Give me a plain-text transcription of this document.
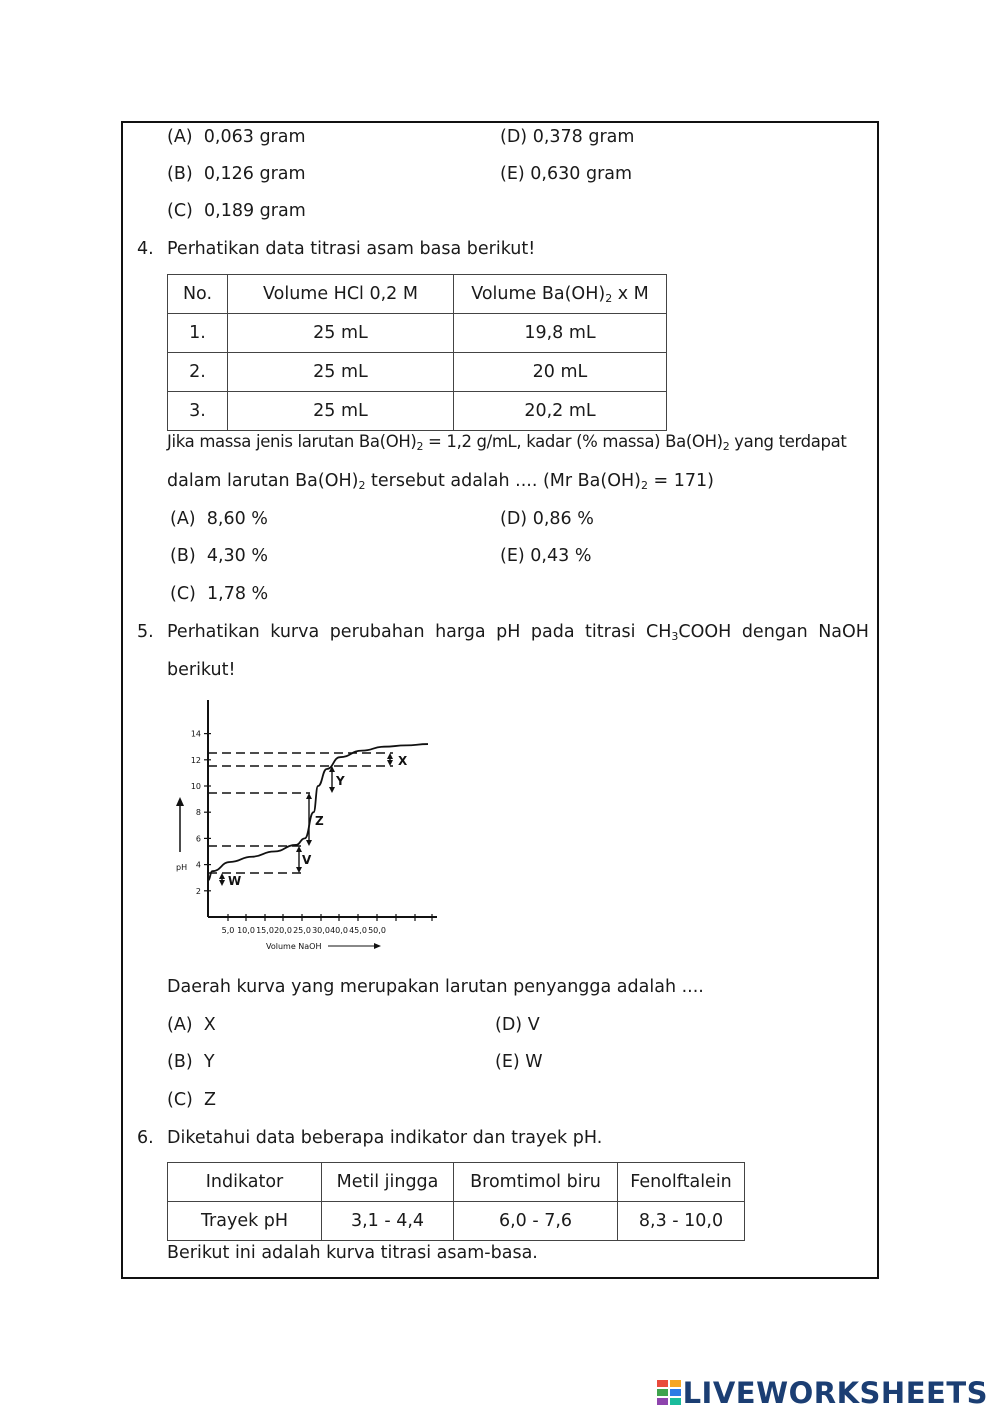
(A) 0,063 gram	(D) 0,378 gram
(B) 0,126 gram	(E) 0,630 gram
(C) 0,189 gram
4. Perhatikan data titrasi asam basa berikut!
No.	Volume HCl 0,2 M	Volume $Ba(OH)_2$ x M
1.	25 mL	19,8 mL
2.	25 mL	20 mL
3.	25 mL	20,2 mL
Jika massa jenis larutan $Ba(OH)_2 = 1,2$ g/mL, kadar (% massa) $Ba(OH)_2$ yang terdapat
dalam larutan $Ba(OH)_2$ tersebut adalah .... (Mr $Ba(OH)_2 = 171$)
(A) 8,60 %	(D) 0,86 %
(B) 4,30 %	(E) 0,43 %
(C) 1,78 %
5. Perhatikan kurva perubahan harga pH pada titrasi $CH_3COOH$ dengan NaOH
berikut!
2
4
6
8
10
12
14
5,0 10,0 15,0 20,0 25,0 30,0 40,0 45,0 50,0
Volume NaOH
pH
X
Y
Z
V
W
Daerah kurva yang merupakan larutan penyangga adalah ....
(A) X	(D) V
(B) Y	(E) W
(C) Z
6. Diketahui data beberapa indikator dan trayek pH.
Indikator	Metil jingga	Bromtimol biru	Fenolftalein
Trayek pH	3,1 - 4,4	6,0 - 7,6	8,3 - 10,0
Berikut ini adalah kurva titrasi asam-basa.
LIVEWORKSHEETS
